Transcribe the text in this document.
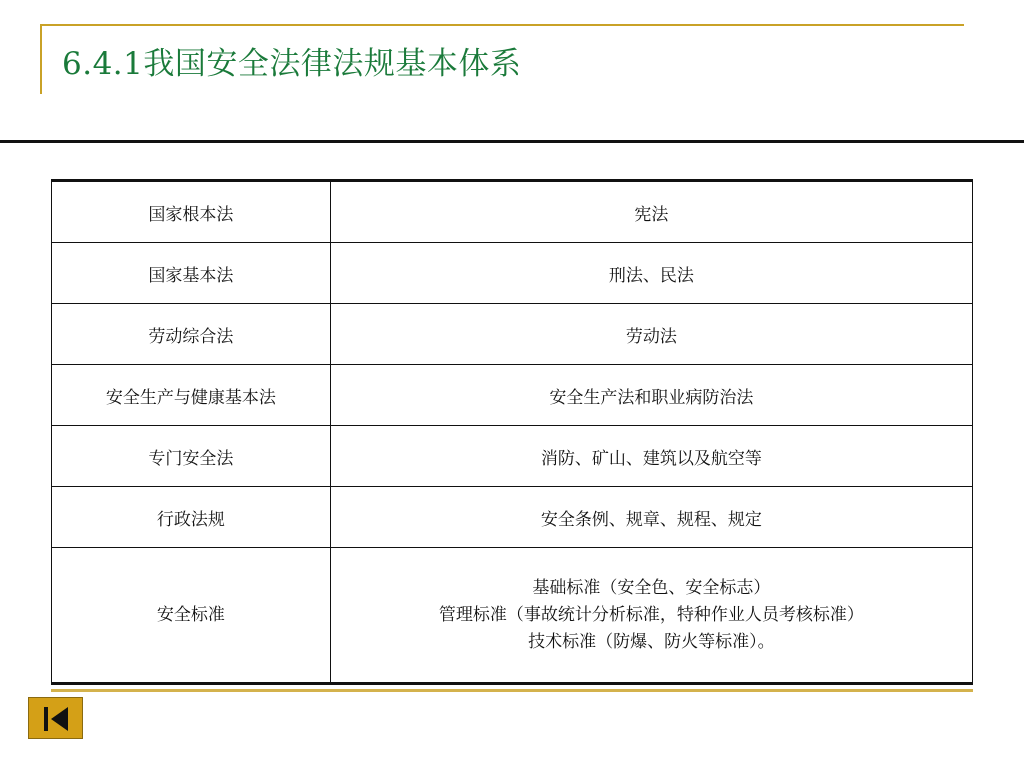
6.4.1我国安全法律法规基本体系
国家根本法	宪法
国家基本法	刑法、民法
劳动综合法	劳动法
安全生产与健康基本法	安全生产法和职业病防治法
专门安全法	消防、矿山、建筑以及航空等
行政法规	安全条例、规章、规程、规定
安全标准	基础标准（安全色、安全标志）
管理标准（事故统计分析标准，特种作业人员考核标准）
技术标准（防爆、防火等标准）。
